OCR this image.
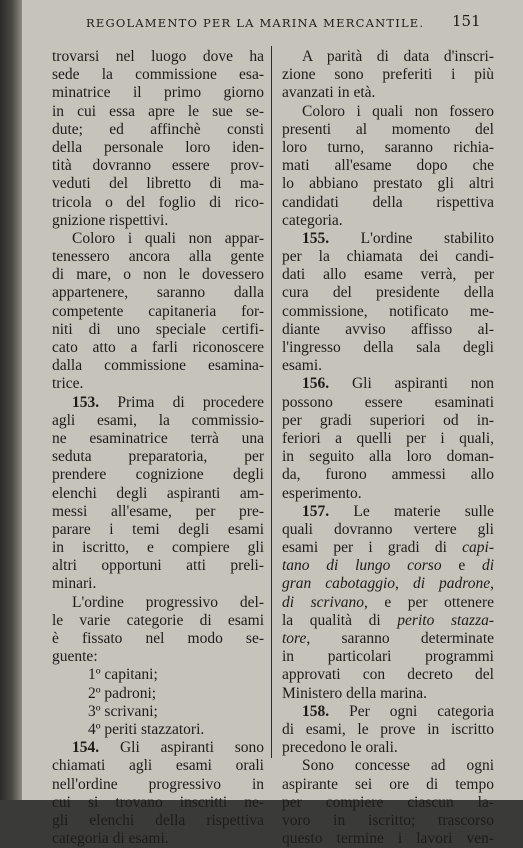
REGOLAMENTO PER LA MARINA MERCANTILE. 151
trovarsi nel luogo dove ha
sede la commissione esa-
minatrice il primo giorno
in cui essa apre le sue se-
dute; ed affinchè consti
della personale loro iden-
tità dovranno essere prov-
veduti del libretto di ma-
tricola o del foglio di rico-
gnizione rispettivi.
Coloro i quali non appar-
tenessero ancora alla gente
di mare, o non le dovessero
appartenere, saranno dalla
competente capitaneria for-
niti di uno speciale certifi-
cato atto a farli riconoscere
dalla commissione esamina-
trice.
153. Prima di procedere
agli esami, la commissio-
ne esaminatrice terrà una
seduta preparatoria, per
prendere cognizione degli
elenchi degli aspiranti am-
messi all'esame, per pre-
parare i temi degli esami
in iscritto, e compiere gli
altri opportuni atti preli-
minari.
L'ordine progressivo del-
le varie categorie di esami
è fissato nel modo se-
guente:
1º capitani;
2º padroni;
3º scrivani;
4º periti stazzatori.
154. Gli aspiranti sono
chiamati agli esami orali
nell'ordine progressivo in
cui si trovano inscritti ne-
gli elenchi della rispettiva
categoria di esami.
A parità di data d'inscri-
zione sono preferiti i più
avanzati in età.
Coloro i quali non fossero
presenti al momento del
loro turno, saranno richia-
mati all'esame dopo che
lo abbiano prestato gli altri
candidati della rispettiva
categoria.
155. L'ordine stabilito
per la chiamata dei candi-
dati allo esame verrà, per
cura del presidente della
commissione, notificato me-
diante avviso affisso al-
l'ingresso della sala degli
esami.
156. Gli aspiranti non
possono essere esaminati
per gradi superiori od in-
feriori a quelli per i quali,
in seguito alla loro doman-
da, furono ammessi allo
esperimento.
157. Le materie sulle
quali dovranno vertere gli
esami per i gradi di capi-
tano di lungo corso e di
gran cabotaggio, di padrone,
di scrivano, e per ottenere
la qualità di perito stazza-
tore, saranno determinate
in particolari programmi
approvati con decreto del
Ministero della marina.
158. Per ogni categoria
di esami, le prove in iscritto
precedono le orali.
Sono concesse ad ogni
aspirante sei ore di tempo
per compiere ciascun la-
voro in iscritto; trascorso
questo termine i lavori ven-
